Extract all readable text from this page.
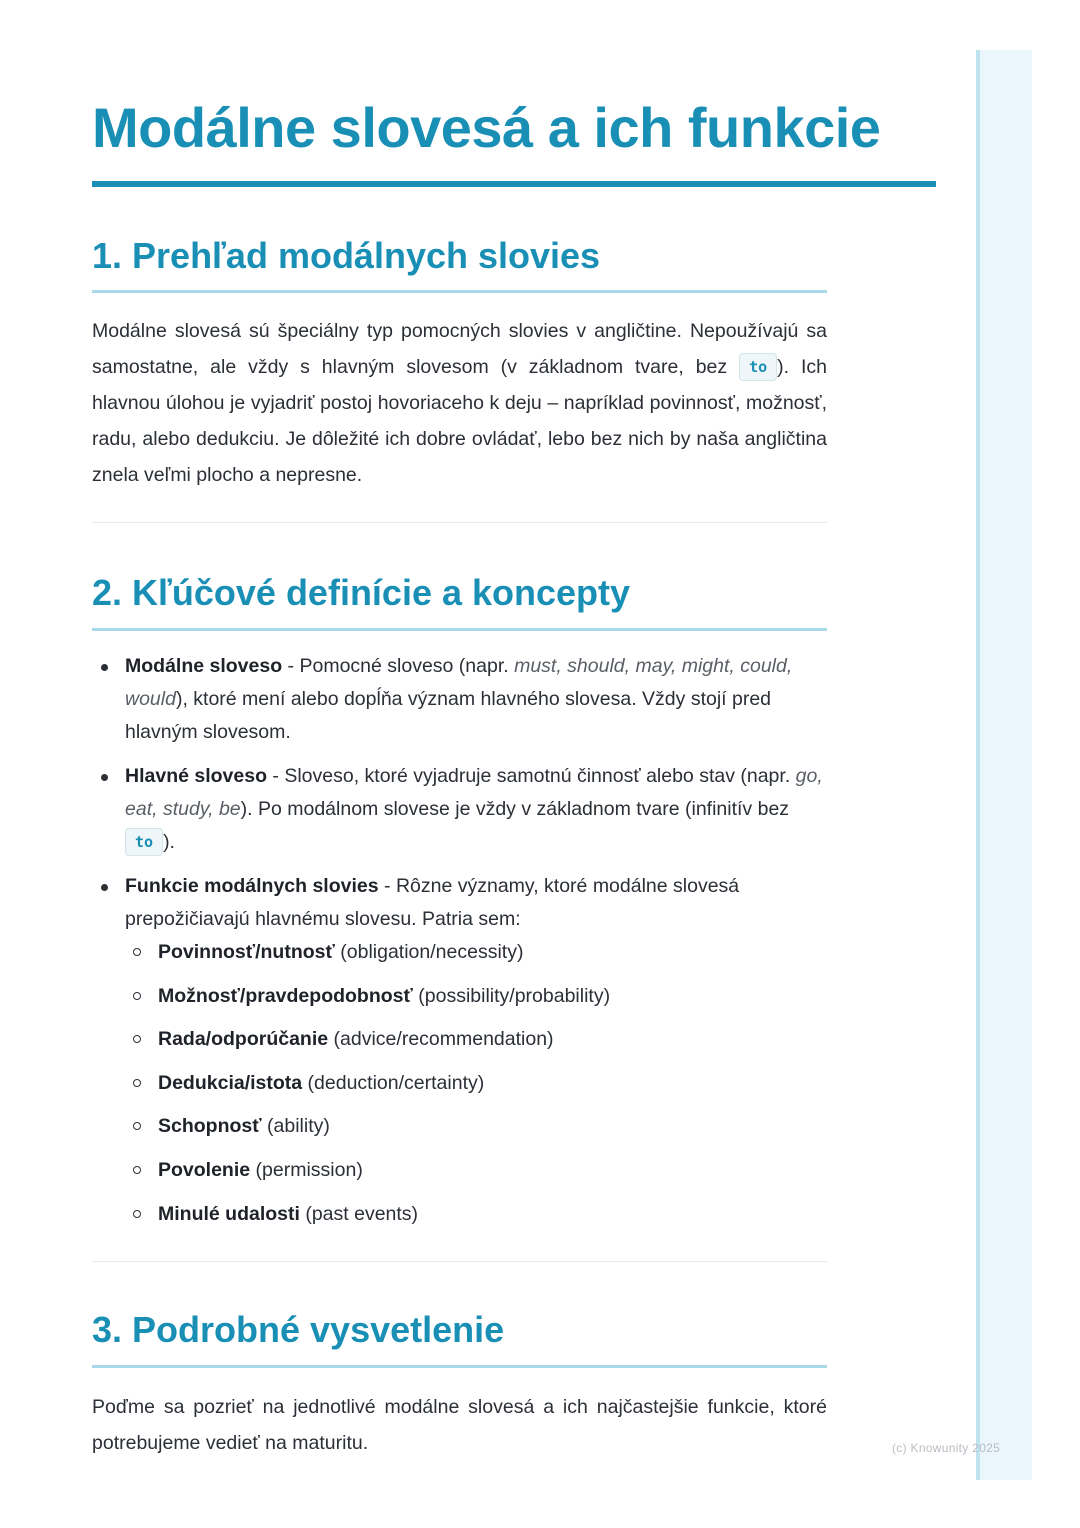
(c) Knowunity 2025
Modálne slovesá a ich funkcie
1. Prehľad modálnych slovies

Modálne slovesá sú špeciálny typ pomocných slovies v angličtine. Nepoužívajú sa samostatne, ale vždy s hlavným slovesom (v základnom tvare, bez to ). Ich hlavnou úlohou je vyjadriť postoj hovoriaceho k deju – napríklad povinnosť, možnosť, radu, alebo dedukciu. Je dôležité ich dobre ovládať, lebo bez nich by naša angličtina znela veľmi plocho a nepresne.

2. Kľúčové definície a koncepty
Modálne sloveso - Pomocné sloveso (napr. must, should, may, might, could, would), ktoré mení alebo dopĺňa význam hlavného slovesa. Vždy stojí pred hlavným slovesom.
Hlavné sloveso - Sloveso, ktoré vyjadruje samotnú činnosť alebo stav (napr. go, eat, study, be). Po modálnom slovese je vždy v základnom tvare (infinitív bez to ).
Funkcie modálnych slovies - Rôzne významy, ktoré modálne slovesá prepožičiavajú hlavnému slovesu. Patria sem:
Povinnosť/nutnosť (obligation/necessity)
Možnosť/pravdepodobnosť (possibility/probability)
Rada/odporúčanie (advice/recommendation)
Dedukcia/istota (deduction/certainty)
Schopnosť (ability)
Povolenie (permission)
Minulé udalosti (past events)
3. Podrobné vysvetlenie

Poďme sa pozrieť na jednotlivé modálne slovesá a ich najčastejšie funkcie, ktoré potrebujeme vedieť na maturitu.
